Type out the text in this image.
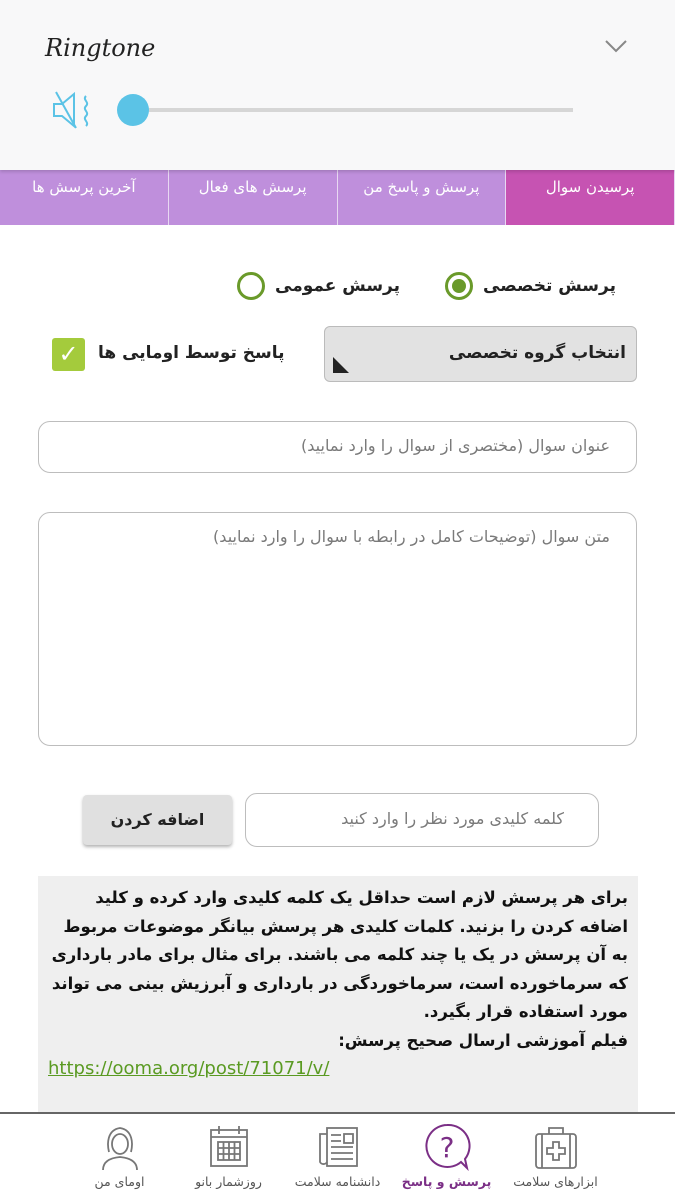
Ringtone
آخرین پرسش ها	پرسش های فعال	پرسش و پاسخ من	پرسیدن سوال
پرسش تخصصی
پرسش عمومی
انتخاب گروه تخصصی
✓	پاسخ توسط اومایی ها
عنوان سوال (مختصری از سوال را وارد نمایید)
متن سوال (توضیحات کامل در رابطه با سوال را وارد نمایید)
کلمه کلیدی مورد نظر را وارد کنید
اضافه کردن
برای هر پرسش لازم است حداقل یک کلمه کلیدی وارد کرده و کلید اضافه کردن را بزنید. کلمات کلیدی هر پرسش بیانگر موضوعات مربوط به آن پرسش در یک یا چند کلمه می باشند. برای مثال برای مادر بارداری که سرماخورده است، سرماخوردگی در بارداری و آبرزیش بینی می تواند مورد استفاده قرار بگیرد.
فیلم آموزشی ارسال صحیح پرسش:
https://ooma.org/post/71071/v/
اومای من	روزشمار بانو	دانشنامه سلامت
?
پرسش و پاسخ ابزارهای سلامت
